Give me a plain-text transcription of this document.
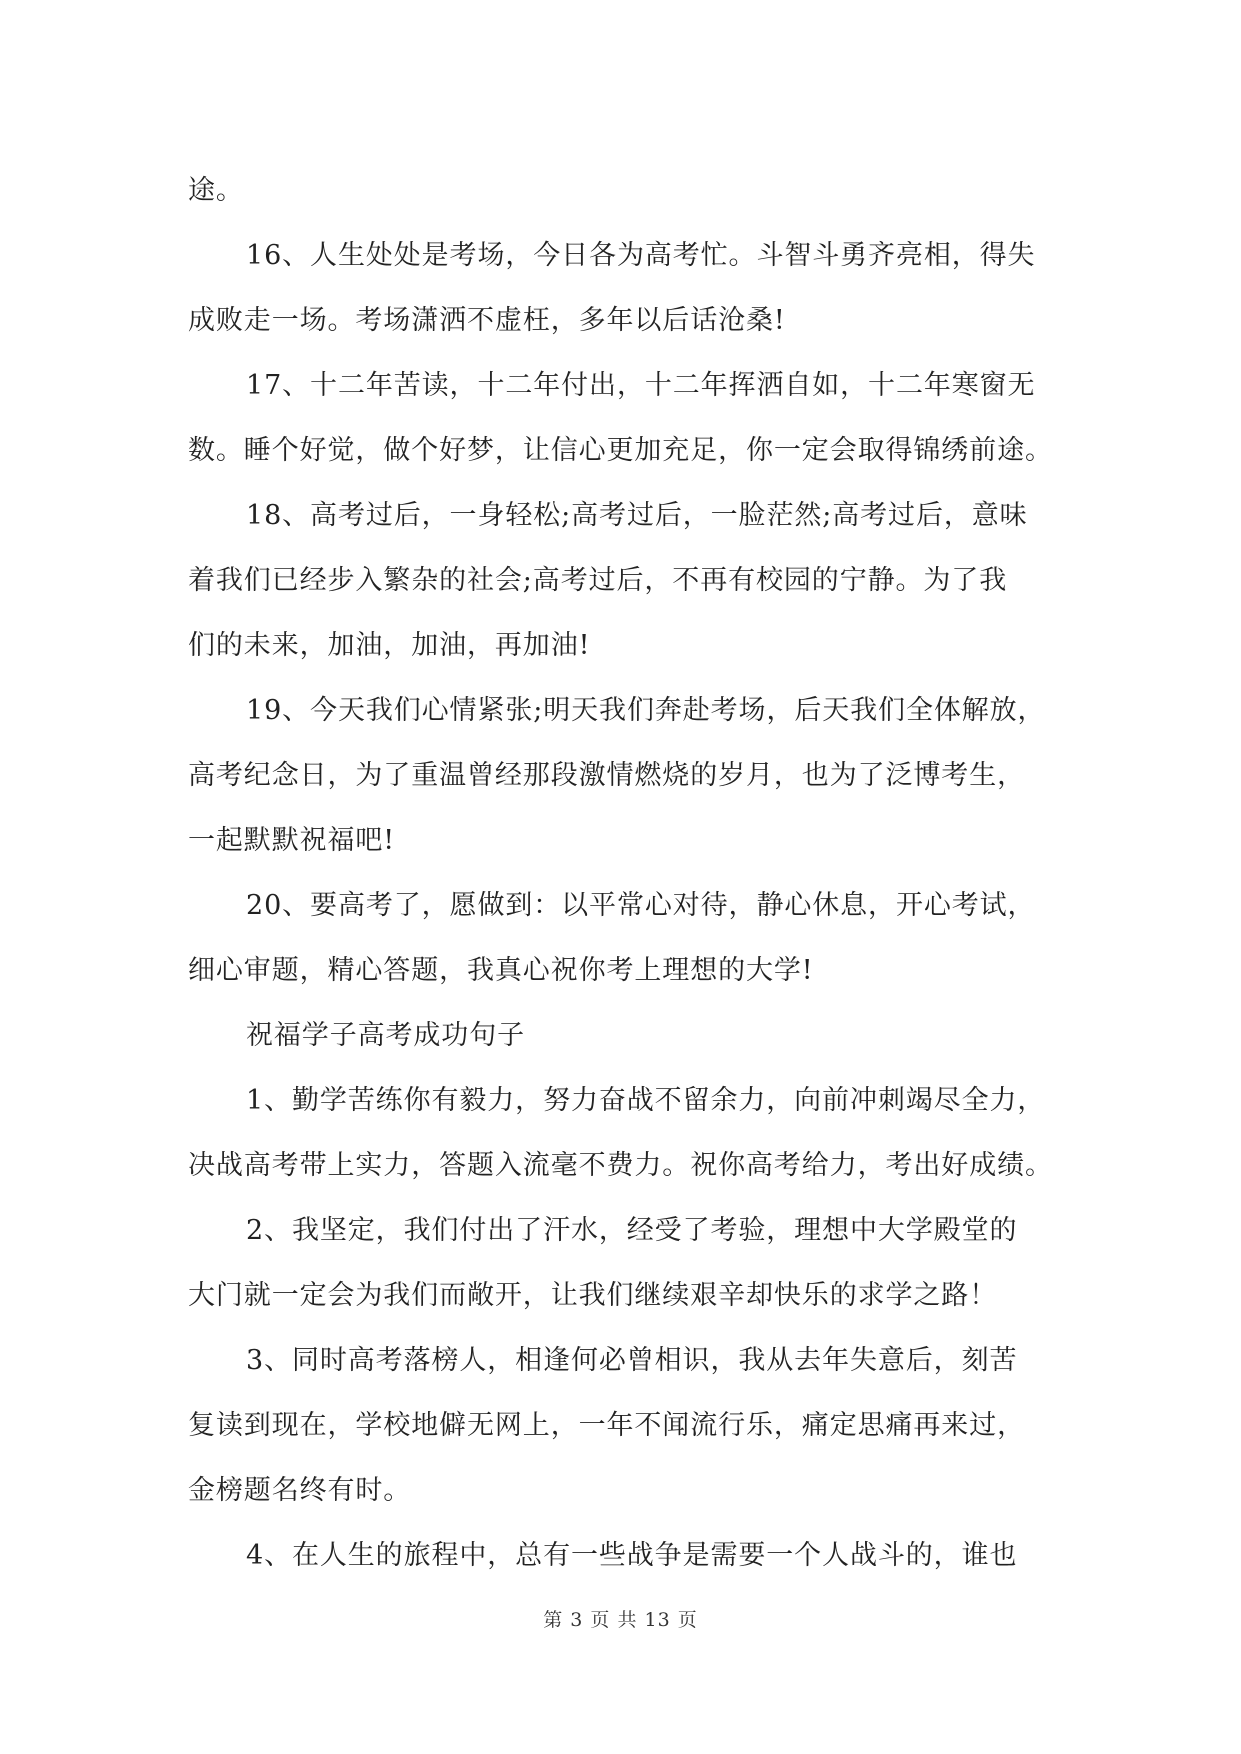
途。
16、人生处处是考场，今日各为高考忙。斗智斗勇齐亮相，得失
成败走一场。考场潇洒不虚枉，多年以后话沧桑!
17、十二年苦读，十二年付出，十二年挥洒自如，十二年寒窗无
数。睡个好觉，做个好梦，让信心更加充足，你一定会取得锦绣前途。
18、高考过后，一身轻松;高考过后，一脸茫然;高考过后，意味
着我们已经步入繁杂的社会;高考过后，不再有校园的宁静。为了我
们的未来，加油，加油，再加油!
19、今天我们心情紧张;明天我们奔赴考场，后天我们全体解放，
高考纪念日，为了重温曾经那段激情燃烧的岁月，也为了泛博考生，
一起默默祝福吧!
20、要高考了，愿做到：以平常心对待，静心休息，开心考试，
细心审题，精心答题，我真心祝你考上理想的大学!
祝福学子高考成功句子
1、勤学苦练你有毅力，努力奋战不留余力，向前冲刺竭尽全力，
决战高考带上实力，答题入流毫不费力。祝你高考给力，考出好成绩。
2、我坚定，我们付出了汗水，经受了考验，理想中大学殿堂的
大门就一定会为我们而敞开，让我们继续艰辛却快乐的求学之路！
3、同时高考落榜人，相逢何必曾相识，我从去年失意后，刻苦
复读到现在，学校地僻无网上，一年不闻流行乐，痛定思痛再来过，
金榜题名终有时。
4、在人生的旅程中，总有一些战争是需要一个人战斗的，谁也
第 3 页 共 13 页
